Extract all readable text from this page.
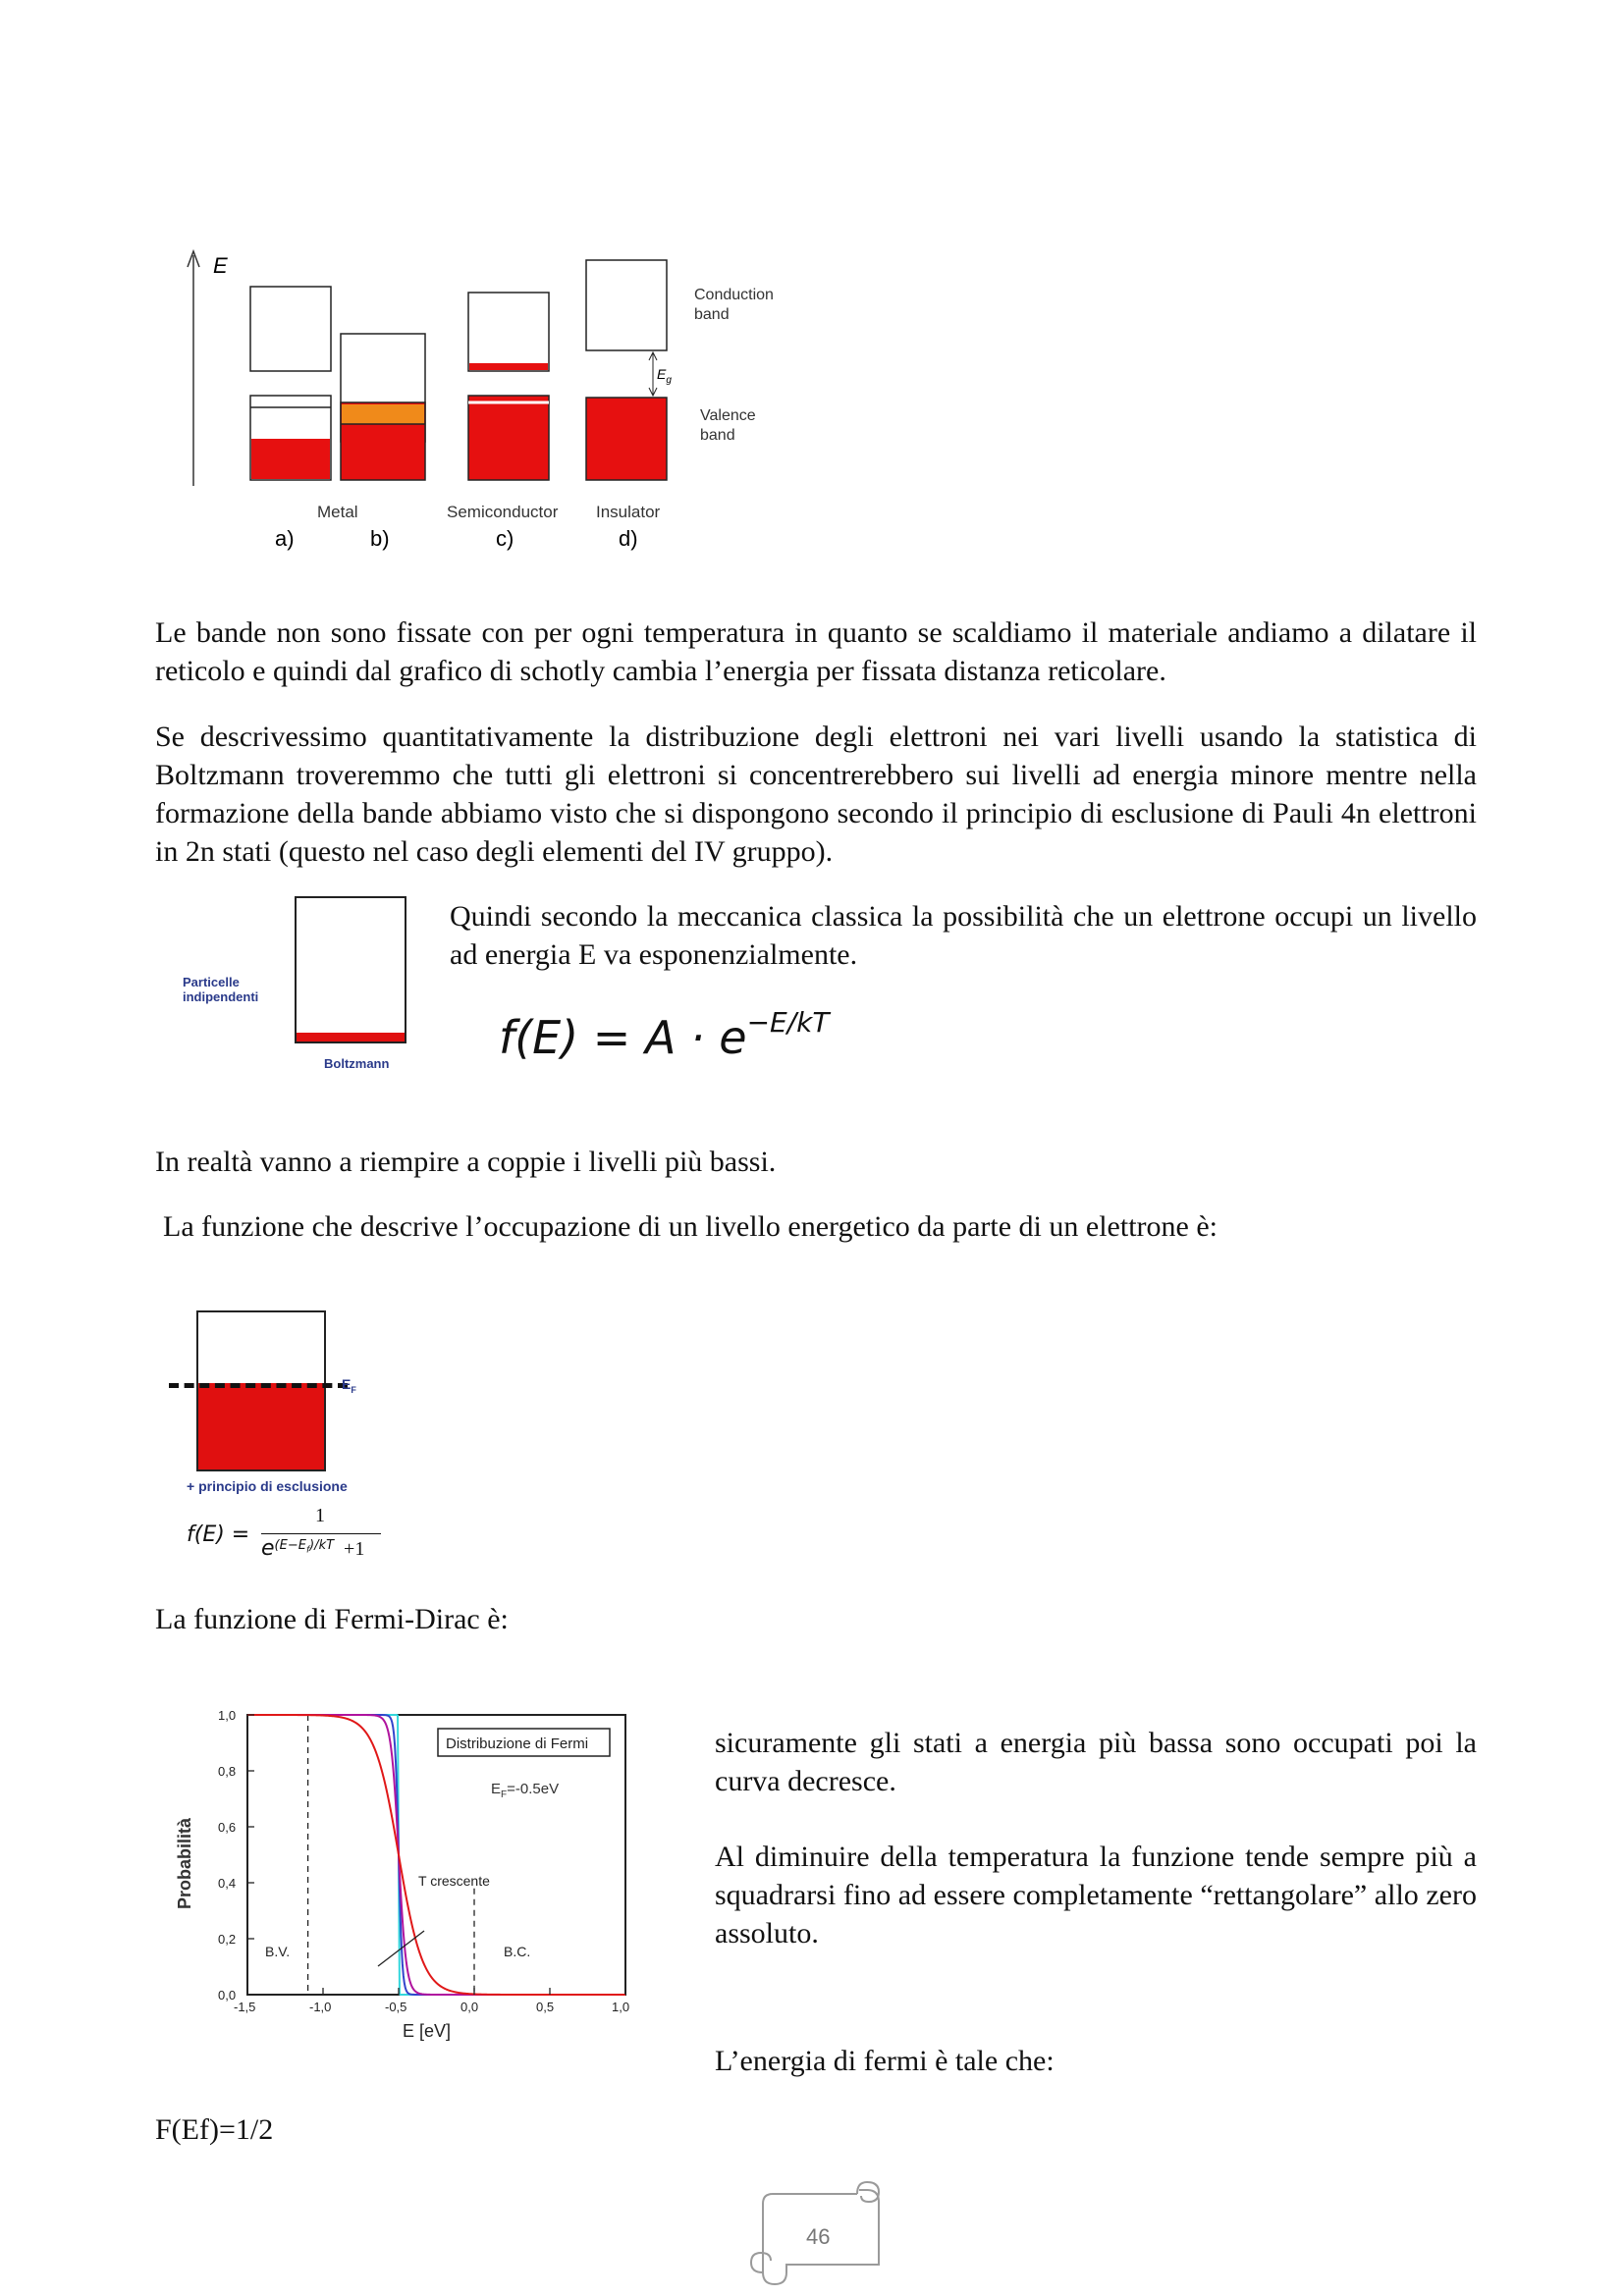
E
$E_g$
Conduction
band
Valence
band
Metal	Semiconductor Insulator
a)	b)	c)	d)

Le bande non sono fissate con per ogni temperatura in quanto se scaldiamo il materiale andiamo a dilatare il reticolo e quindi dal grafico di schotly cambia l’energia per fissata distanza reticolare.

Se descrivessimo quantitativamente la distribuzione degli elettroni nei vari livelli usando la statistica di Boltzmann troveremmo che tutti gli elettroni si concentrerebbero sui livelli ad energia minore mentre nella formazione della bande abbiamo visto che si dispongono secondo il principio di esclusione di Pauli 4n elettroni in 2n stati (questo nel caso degli elementi del IV gruppo).

Particelle
indipendenti
Boltzmann

Quindi secondo la meccanica classica la possibilità che un elettrone occupi un livello ad energia E va esponenzialmente.

$f(E) = A \cdot e^{-E/kT}$

In realtà vanno a riempire a coppie i livelli più bassi.

La funzione che descrive l’occupazione di un livello energetico da parte di un elettrone è:

$E_F$
+ principio di esclusione
f(E) =
1
$e^{(E-E_f)/kT} +1$

La funzione di Fermi-Dirac è:

-1,5	-1,0	-0,5	0,0	0,5	1,0
0,0
0,2
0,4
0,6
0,8
1,0
Distribuzione di Fermi
$E_F=-0.5eV$
T crescente
B.V.	B.C.
E [eV]
Probabilità

sicuramente gli stati a energia più bassa sono occupati poi la curva decresce.

Al diminuire della temperatura la funzione tende sempre più a squadrarsi fino ad essere completamente “rettangolare” allo zero assoluto.

L’energia di fermi è tale che:

F(Ef)=1/2

46
